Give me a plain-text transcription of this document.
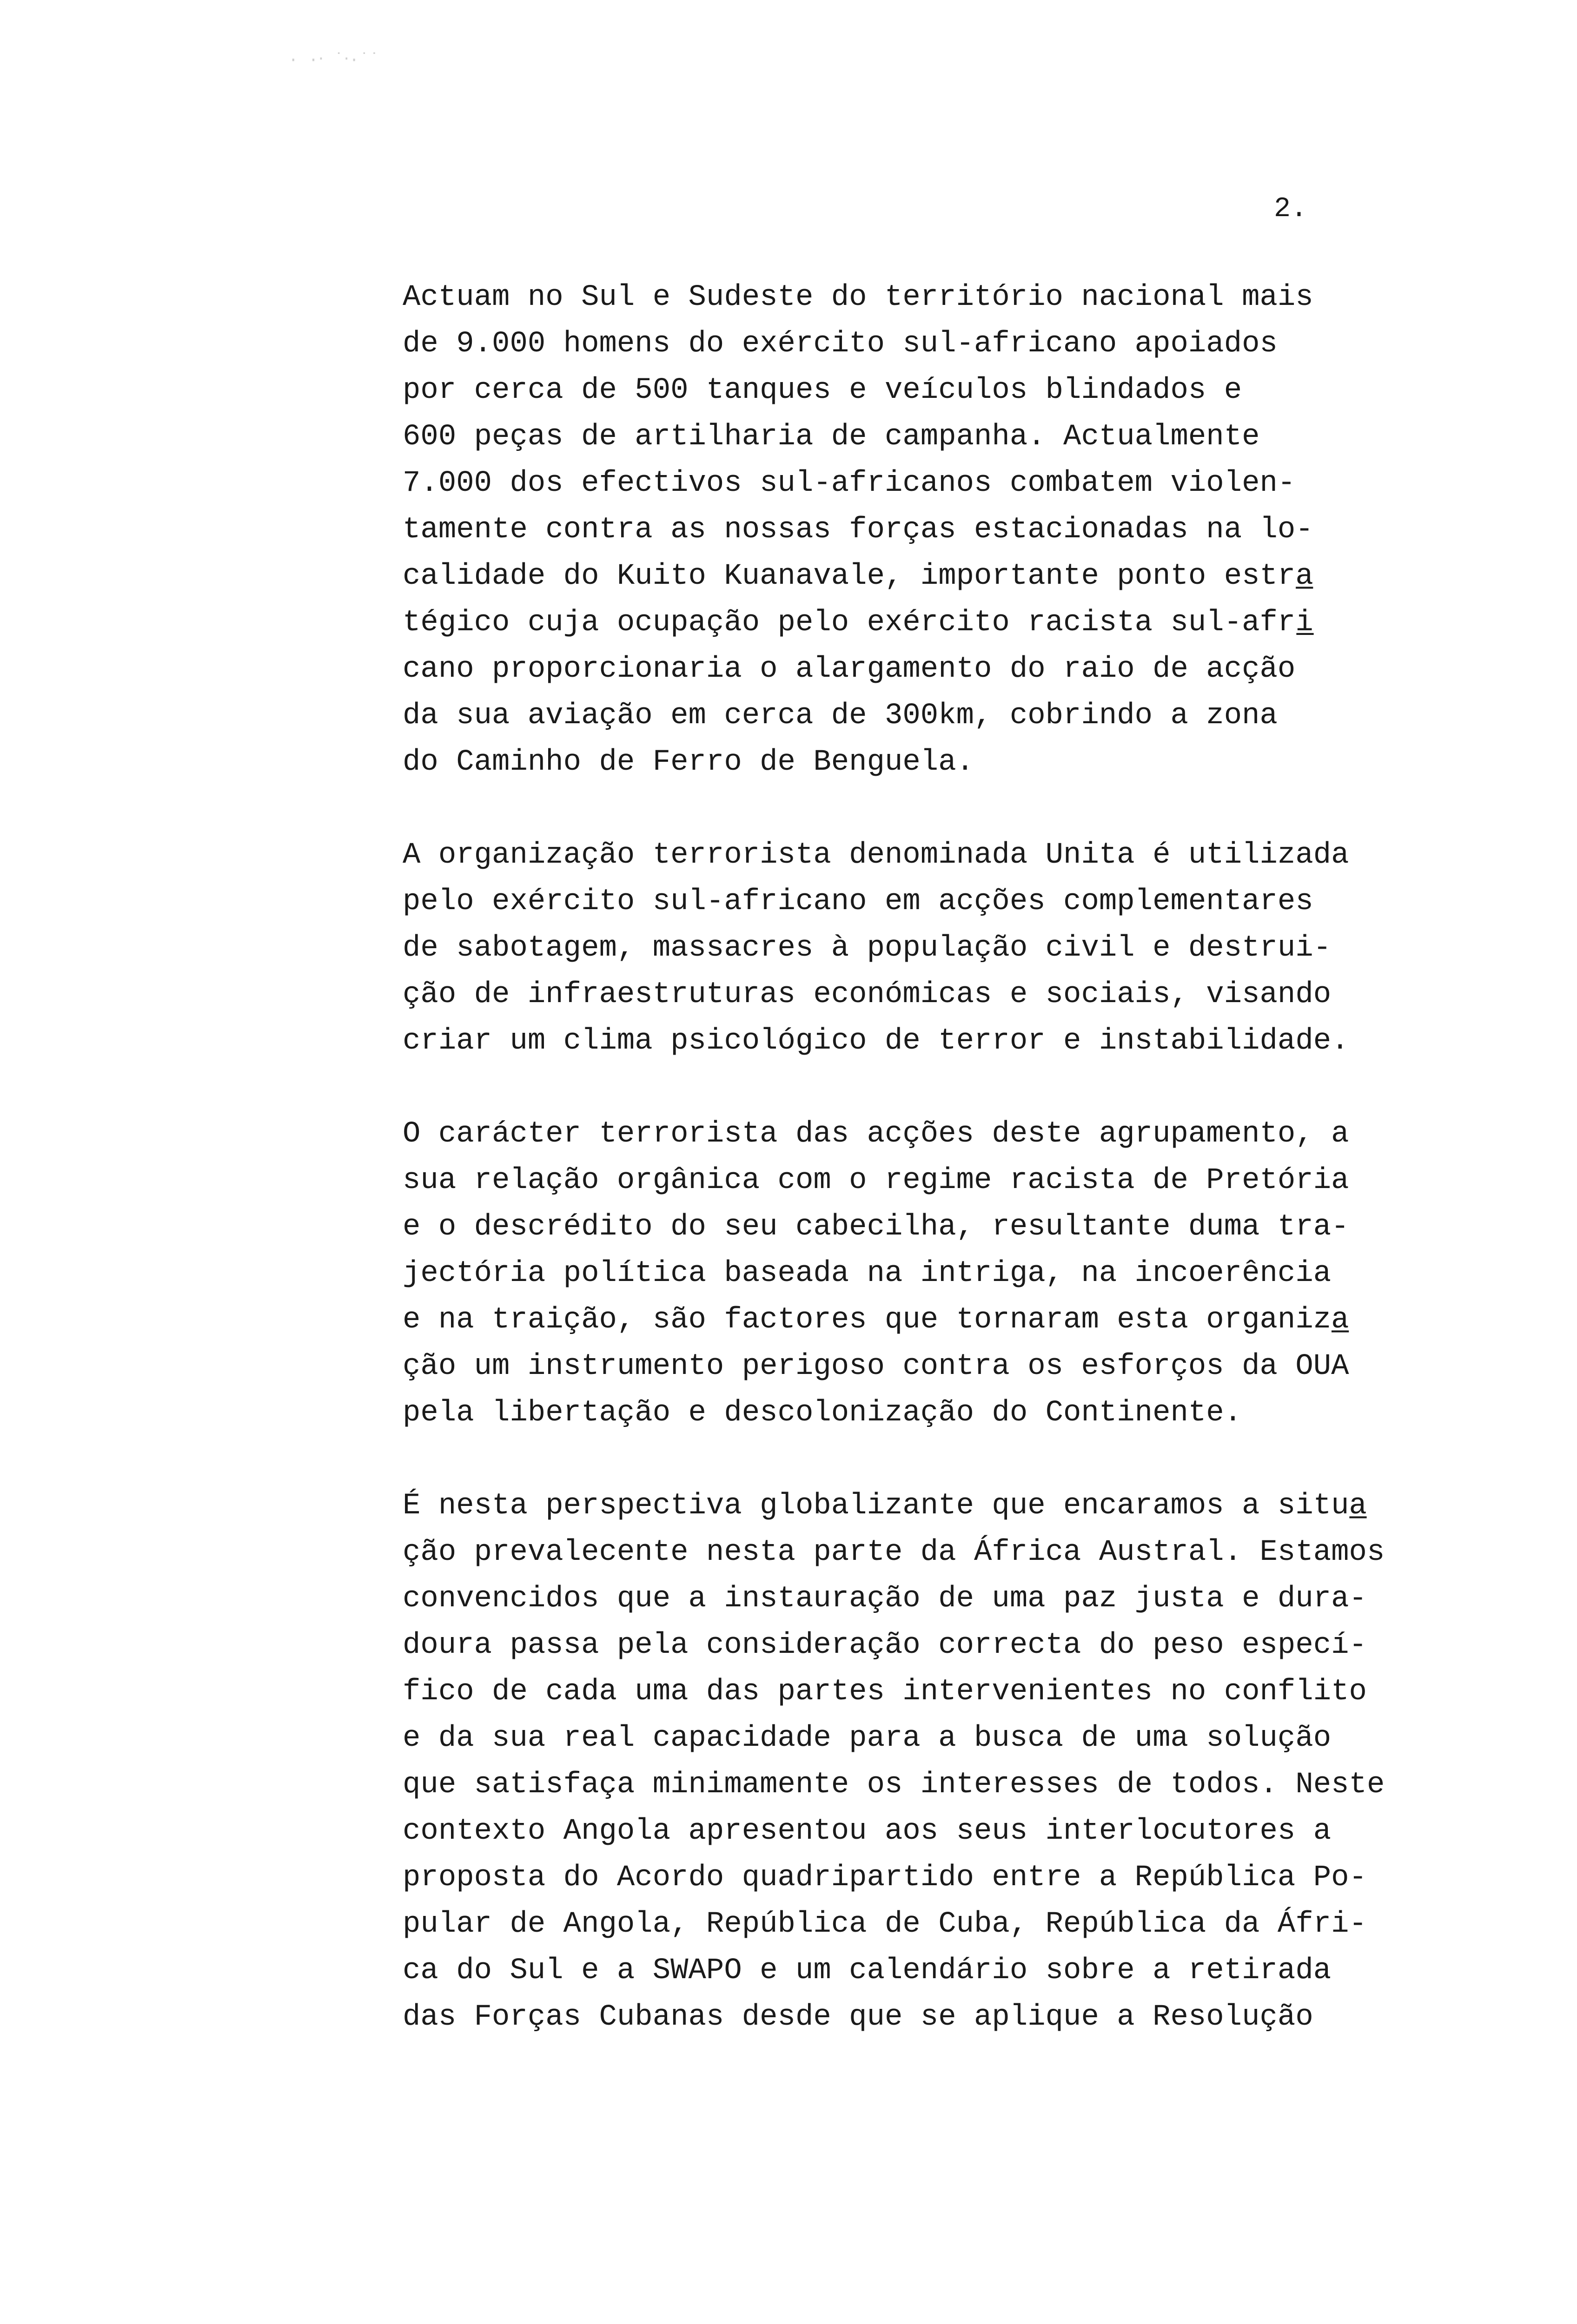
· ·‧ ˙‧·˙˙
2.
Actuam no Sul e Sudeste do território nacional mais
de 9.000 homens do exército sul-africano apoiados
por cerca de 500 tanques e veículos blindados e
600 peças de artilharia de campanha. Actualmente
7.000 dos efectivos sul-africanos combatem violen-
tamente contra as nossas forças estacionadas na lo-
calidade do Kuito Kuanavale, importante ponto estra̲
tégico cuja ocupação pelo exército racista sul-afri̲
cano proporcionaria o alargamento do raio de acção
da sua aviação em cerca de 300km, cobrindo a zona
do Caminho de Ferro de Benguela.
A organização terrorista denominada Unita é utilizada
pelo exército sul-africano em acções complementares
de sabotagem, massacres à população civil e destrui-
ção de infraestruturas económicas e sociais, visando
criar um clima psicológico de terror e instabilidade.
O carácter terrorista das acções deste agrupamento, a
sua relação orgânica com o regime racista de Pretória
e o descrédito do seu cabecilha, resultante duma tra-
jectória política baseada na intriga, na incoerência
e na traição, são factores que tornaram esta organiza̲
ção um instrumento perigoso contra os esforços da OUA
pela libertação e descolonização do Continente.
É nesta perspectiva globalizante que encaramos a situa̲
ção prevalecente nesta parte da África Austral. Estamos
convencidos que a instauração de uma paz justa e dura-
doura passa pela consideração correcta do peso especí-
fico de cada uma das partes intervenientes no conflito
e da sua real capacidade para a busca de uma solução
que satisfaça minimamente os interesses de todos. Neste
contexto Angola apresentou aos seus interlocutores a
proposta do Acordo quadripartido entre a República Po-
pular de Angola, República de Cuba, República da Áfri-
ca do Sul e a SWAPO e um calendário sobre a retirada
das Forças Cubanas desde que se aplique a Resolução
